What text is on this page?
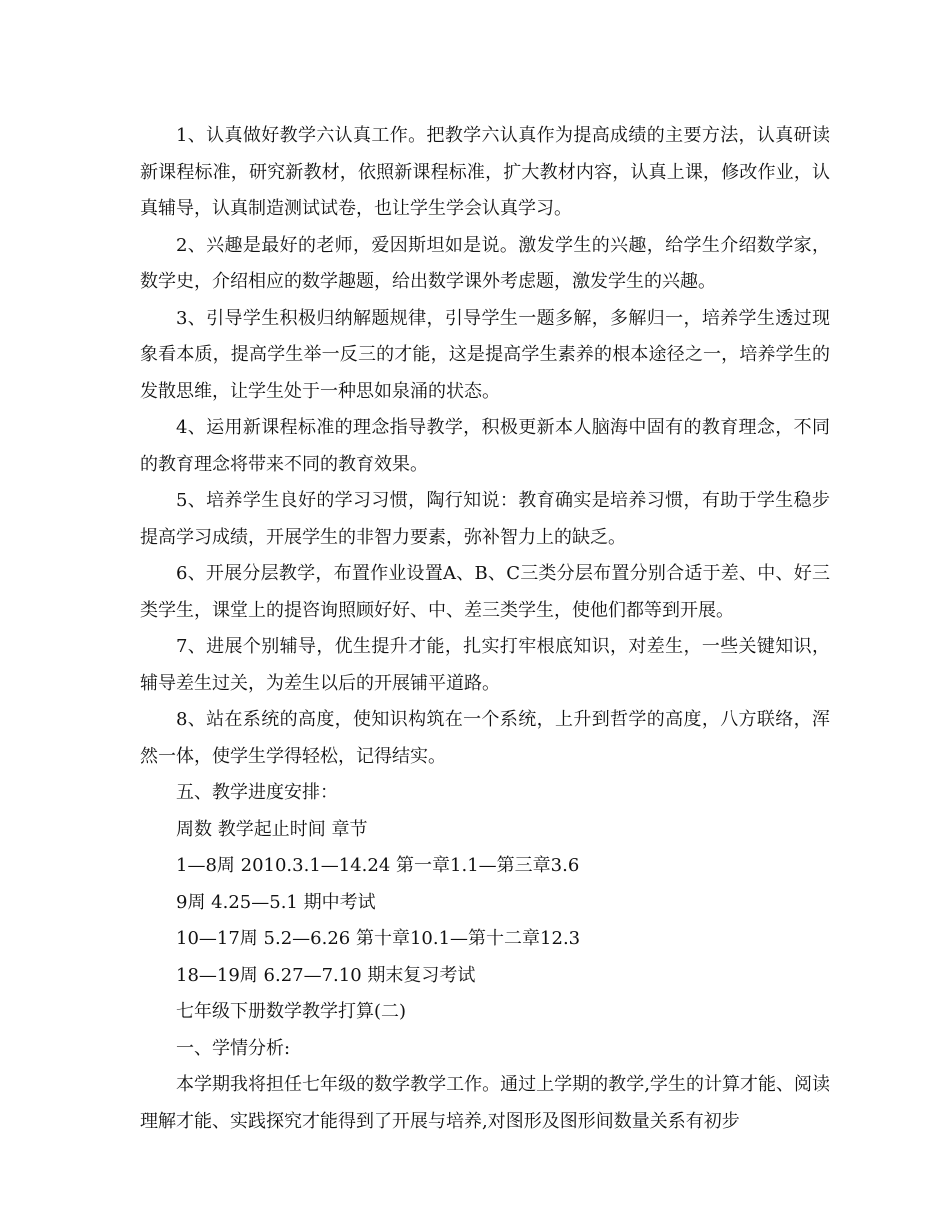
1、认真做好教学六认真工作。把教学六认真作为提高成绩的主要方法，认真研读新课程标准，研究新教材，依照新课程标准，扩大教材内容，认真上课，修改作业，认真辅导，认真制造测试试卷，也让学生学会认真学习。

2、兴趣是最好的老师，爱因斯坦如是说。激发学生的兴趣，给学生介绍数学家，数学史，介绍相应的数学趣题，给出数学课外考虑题，激发学生的兴趣。

3、引导学生积极归纳解题规律，引导学生一题多解，多解归一，培养学生透过现象看本质，提高学生举一反三的才能，这是提高学生素养的根本途径之一，培养学生的发散思维，让学生处于一种思如泉涌的状态。

4、运用新课程标准的理念指导教学，积极更新本人脑海中固有的教育理念，不同的教育理念将带来不同的教育效果。

5、培养学生良好的学习习惯，陶行知说：教育确实是培养习惯，有助于学生稳步提高学习成绩，开展学生的非智力要素，弥补智力上的缺乏。

6、开展分层教学，布置作业设置A、B、C三类分层布置分别合适于差、中、好三类学生，课堂上的提咨询照顾好好、中、差三类学生，使他们都等到开展。

7、进展个别辅导，优生提升才能，扎实打牢根底知识，对差生，一些关键知识，辅导差生过关，为差生以后的开展铺平道路。

8、站在系统的高度，使知识构筑在一个系统，上升到哲学的高度，八方联络，浑然一体，使学生学得轻松，记得结实。

五、教学进度安排：

周数 教学起止时间 章节

1—8周 2010.3.1—14.24 第一章1.1—第三章3.6

9周 4.25—5.1 期中考试

10—17周 5.2—6.26 第十章10.1—第十二章12.3

18—19周 6.27—7.10 期末复习考试

七年级下册数学教学打算(二)

一、学情分析:

本学期我将担任七年级的数学教学工作。通过上学期的教学,学生的计算才能、阅读理解才能、实践探究才能得到了开展与培养,对图形及图形间数量关系有初步
